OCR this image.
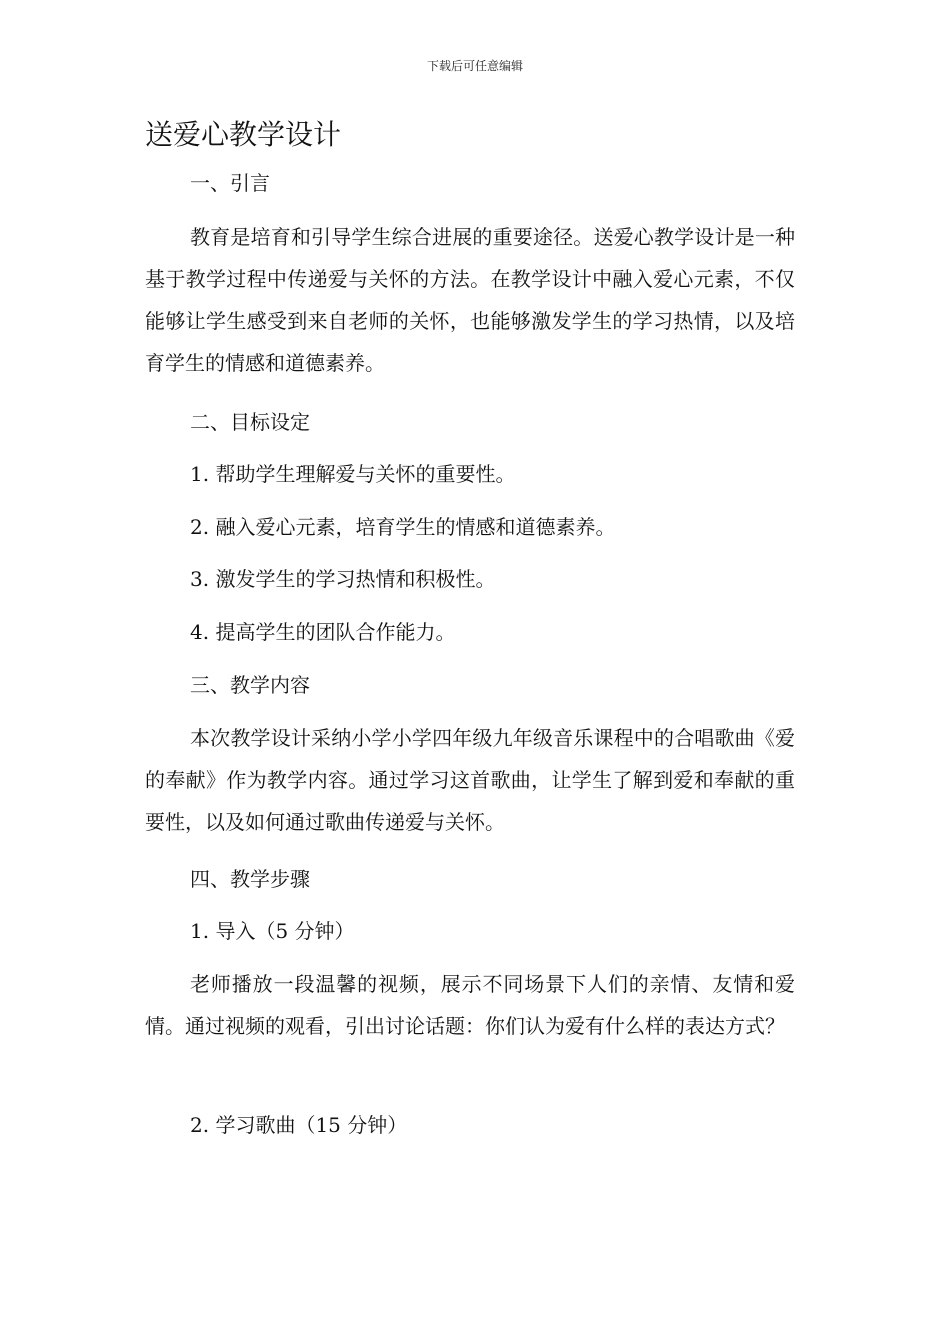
下载后可任意编辑
送爱心教学设计

一、引言

教育是培育和引导学生综合进展的重要途径。送爱心教学设计是一种基于教学过程中传递爱与关怀的方法。在教学设计中融入爱心元素，不仅能够让学生感受到来自老师的关怀，也能够激发学生的学习热情，以及培育学生的情感和道德素养。

二、目标设定

1. 帮助学生理解爱与关怀的重要性。

2. 融入爱心元素，培育学生的情感和道德素养。

3. 激发学生的学习热情和积极性。

4. 提高学生的团队合作能力。

三、教学内容

本次教学设计采纳小学小学四年级九年级音乐课程中的合唱歌曲《爱的奉献》作为教学内容。通过学习这首歌曲，让学生了解到爱和奉献的重要性，以及如何通过歌曲传递爱与关怀。

四、教学步骤

1. 导入（5 分钟）

老师播放一段温馨的视频，展示不同场景下人们的亲情、友情和爱情。通过视频的观看，引出讨论话题：你们认为爱有什么样的表达方式？

2. 学习歌曲（15 分钟）
